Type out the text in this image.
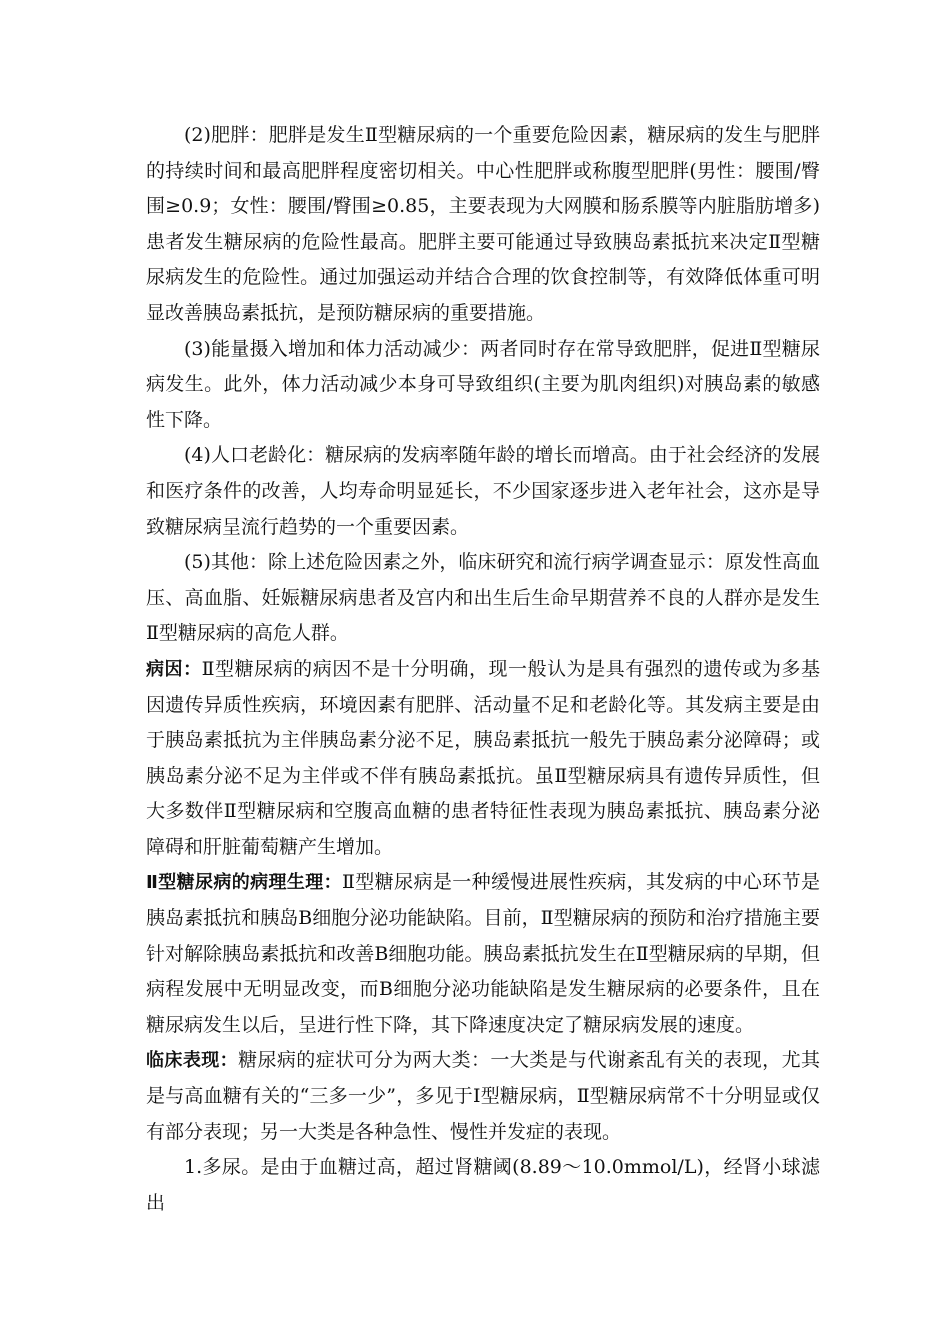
(2)肥胖：肥胖是发生Ⅱ型糖尿病的一个重要危险因素，糖尿病的发生与肥胖的持续时间和最高肥胖程度密切相关。中心性肥胖或称腹型肥胖(男性：腰围/臀围≥0.9；女性：腰围/臀围≥0.85，主要表现为大网膜和肠系膜等内脏脂肪增多)患者发生糖尿病的危险性最高。肥胖主要可能通过导致胰岛素抵抗来决定Ⅱ型糖尿病发生的危险性。通过加强运动并结合合理的饮食控制等，有效降低体重可明显改善胰岛素抵抗，是预防糖尿病的重要措施。

(3)能量摄入增加和体力活动减少：两者同时存在常导致肥胖，促进Ⅱ型糖尿病发生。此外，体力活动减少本身可导致组织(主要为肌肉组织)对胰岛素的敏感性下降。

(4)人口老龄化：糖尿病的发病率随年龄的增长而增高。由于社会经济的发展和医疗条件的改善，人均寿命明显延长，不少国家逐步进入老年社会，这亦是导致糖尿病呈流行趋势的一个重要因素。

(5)其他：除上述危险因素之外，临床研究和流行病学调查显示：原发性高血压、高血脂、妊娠糖尿病患者及宫内和出生后生命早期营养不良的人群亦是发生Ⅱ型糖尿病的高危人群。

病因：Ⅱ型糖尿病的病因不是十分明确，现一般认为是具有强烈的遗传或为多基因遗传异质性疾病，环境因素有肥胖、活动量不足和老龄化等。其发病主要是由于胰岛素抵抗为主伴胰岛素分泌不足，胰岛素抵抗一般先于胰岛素分泌障碍；或胰岛素分泌不足为主伴或不伴有胰岛素抵抗。虽Ⅱ型糖尿病具有遗传异质性，但大多数伴Ⅱ型糖尿病和空腹高血糖的患者特征性表现为胰岛素抵抗、胰岛素分泌障碍和肝脏葡萄糖产生增加。

Ⅱ型糖尿病的病理生理：Ⅱ型糖尿病是一种缓慢进展性疾病，其发病的中心环节是胰岛素抵抗和胰岛B细胞分泌功能缺陷。目前，Ⅱ型糖尿病的预防和治疗措施主要针对解除胰岛素抵抗和改善B细胞功能。胰岛素抵抗发生在Ⅱ型糖尿病的早期，但病程发展中无明显改变，而B细胞分泌功能缺陷是发生糖尿病的必要条件，且在糖尿病发生以后，呈进行性下降，其下降速度决定了糖尿病发展的速度。

临床表现：糖尿病的症状可分为两大类：一大类是与代谢紊乱有关的表现，尤其是与高血糖有关的“三多一少”，多见于Ⅰ型糖尿病，Ⅱ型糖尿病常不十分明显或仅有部分表现；另一大类是各种急性、慢性并发症的表现。

1.多尿。是由于血糖过高，超过肾糖阈(8.89～10.0mmol/L)，经肾小球滤出
